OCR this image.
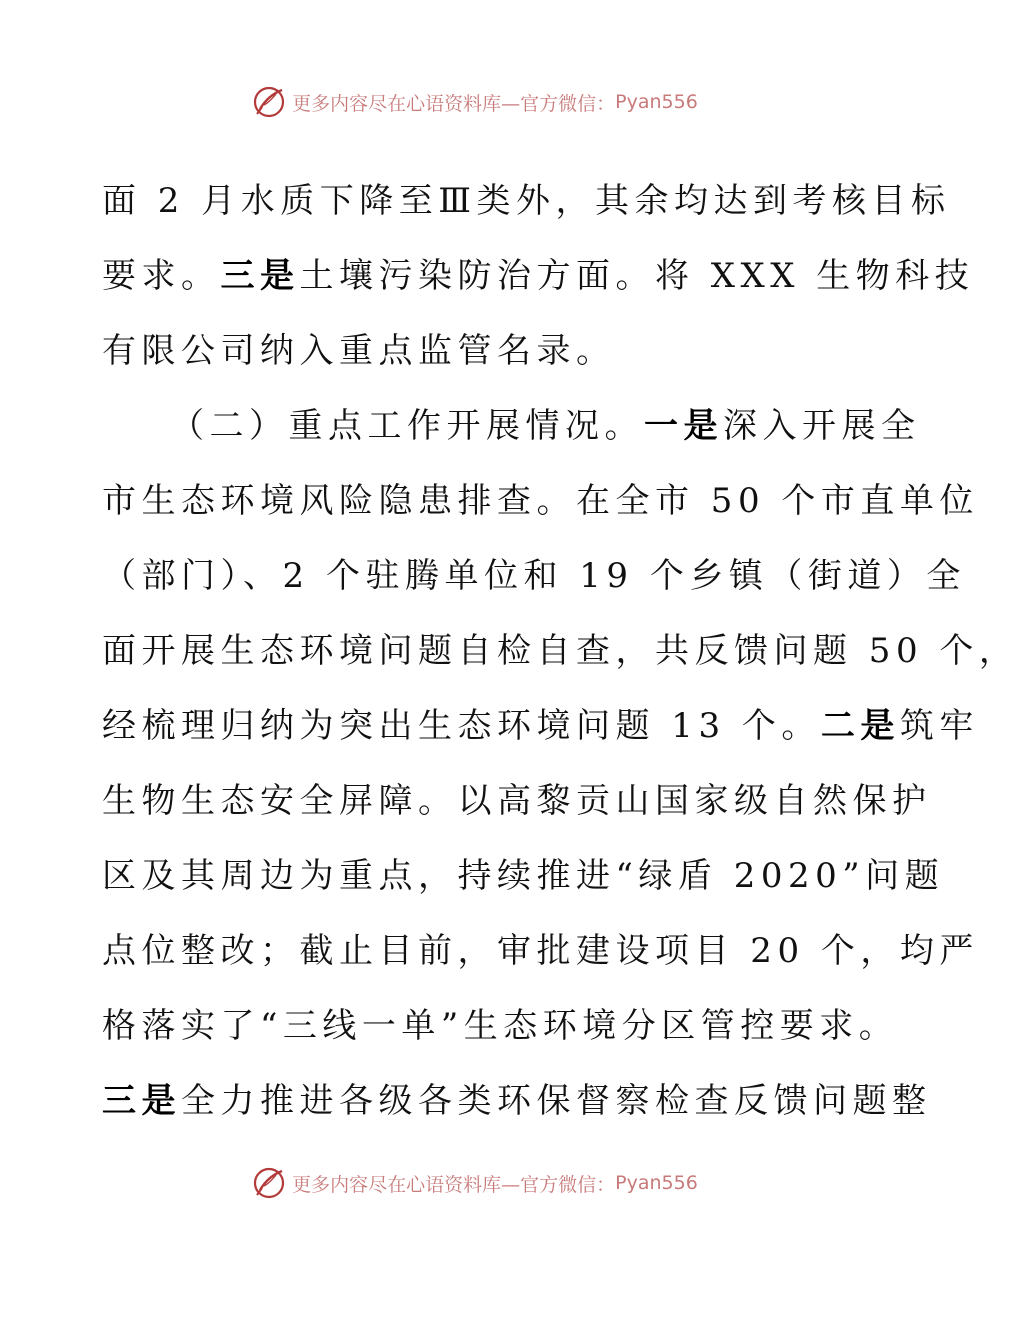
更多内容尽在心语资料库—官方微信： Pyan556
面 2 月水质下降至Ⅲ类外，其余均达到考核目标
要求。三是土壤污染防治方面。将 XXX 生物科技
有限公司纳入重点监管名录。
（二）重点工作开展情况。一是深入开展全
市生态环境风险隐患排查。在全市 50 个市直单位
（部门）、2 个驻腾单位和 19 个乡镇（街道）全
面开展生态环境问题自检自查，共反馈问题 50 个，
经梳理归纳为突出生态环境问题 13 个。二是筑牢
生物生态安全屏障。以高黎贡山国家级自然保护
区及其周边为重点，持续推进“绿盾 2020”问题
点位整改；截止目前，审批建设项目 20 个，均严
格落实了“三线一单”生态环境分区管控要求。
三是全力推进各级各类环保督察检查反馈问题整
更多内容尽在心语资料库—官方微信： Pyan556
